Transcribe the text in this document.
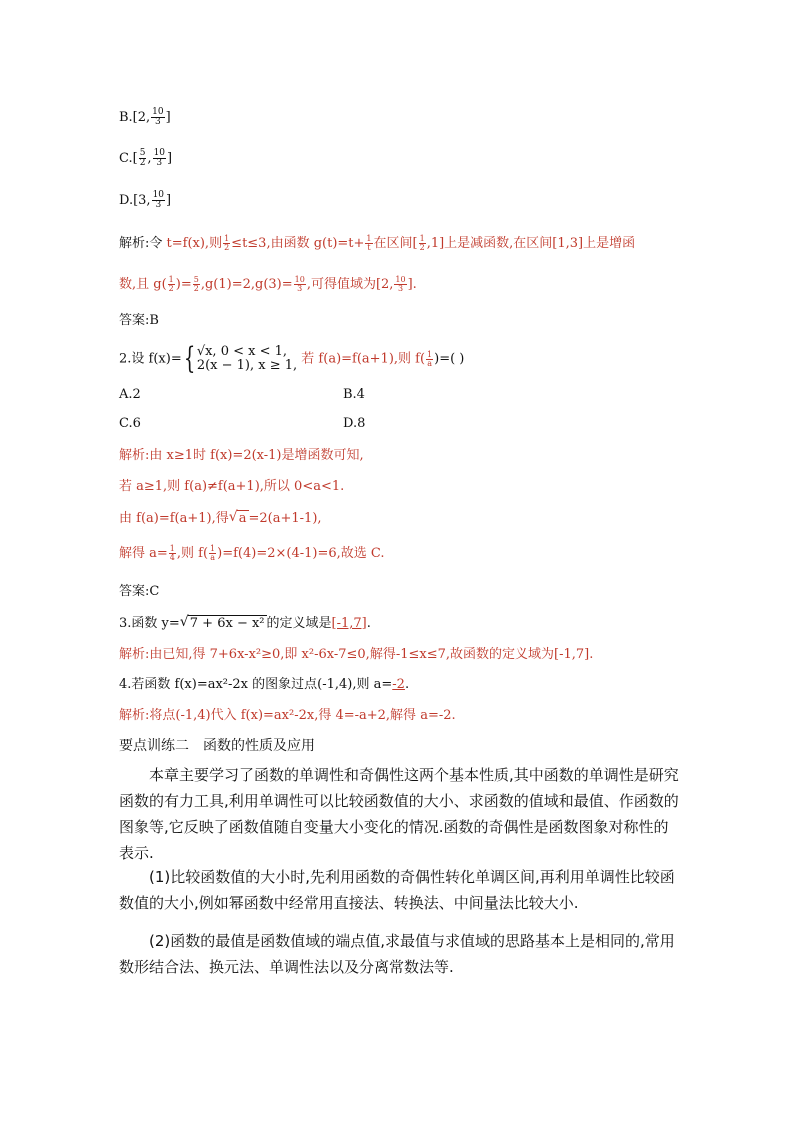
B.[2, $\frac{10}{3}$ ]
$C.[ \frac{5}{2}$ , $\frac{10}{3}$ ]
D.[3, $\frac{10}{3}$ ]
解析:令 t=f(x),则 $\frac{1}{2} \le t\le 3$,由函数 $g(t)=t+ \frac{1}{t}$ 在区间[ $\frac{1}{2} ,1$]上是减函数,在区间[1,3]上是增函
数,且 $g( \frac{1}{2}$ )= $\frac{5}{2} ,g(1)=2,g(3)= \frac{10}{3}$ ,可得值域为[2, $\frac{10}{3}$ ].
答案:B
2.设 f(x)={ √x, 0 < x < 1,
2(x − 1), x ≥ 1, 若 f(a)=f(a+1),则 $f( \frac{1}{a}$ )=( )
A.2	B.4
C.6	D.8
解析:由 x≥1时 f(x)=2(x-1)是增函数可知,
若 a≥1,则 f(a)≠f(a+1),所以 0<a<1.
由 f(a)=f(a+1),得 √ a =2(a+1-1),
解得 $a= \frac{1}{4}$ ,则 $f( \frac{1}{a} )=f(4)=2\times(4-1)=6$,故选 C.
答案:C
3.函数 y= √ 7 + 6x − x² 的定义域是[-1,7].
解析:由已知,得 7+6x-x²≥0,即 x²-6x-7≤0,解得-1≤x≤7,故函数的定义域为[-1,7].
4.若函数 f(x)=ax²-2x 的图象过点(-1,4),则 a=-2.
解析:将点(-1,4)代入 f(x)=ax²-2x,得 4=-a+2,解得 a=-2.
要点训练二　函数的性质及应用
本章主要学习了函数的单调性和奇偶性这两个基本性质,其中函数的单调性是研究函数的有力工具,利用单调性可以比较函数值的大小、求函数的值域和最值、作函数的图象等,它反映了函数值随自变量大小变化的情况.函数的奇偶性是函数图象对称性的表示.
(1)比较函数值的大小时,先利用函数的奇偶性转化单调区间,再利用单调性比较函数值的大小,例如幂函数中经常用直接法、转换法、中间量法比较大小.
(2)函数的最值是函数值域的端点值,求最值与求值域的思路基本上是相同的,常用数形结合法、换元法、单调性法以及分离常数法等.
